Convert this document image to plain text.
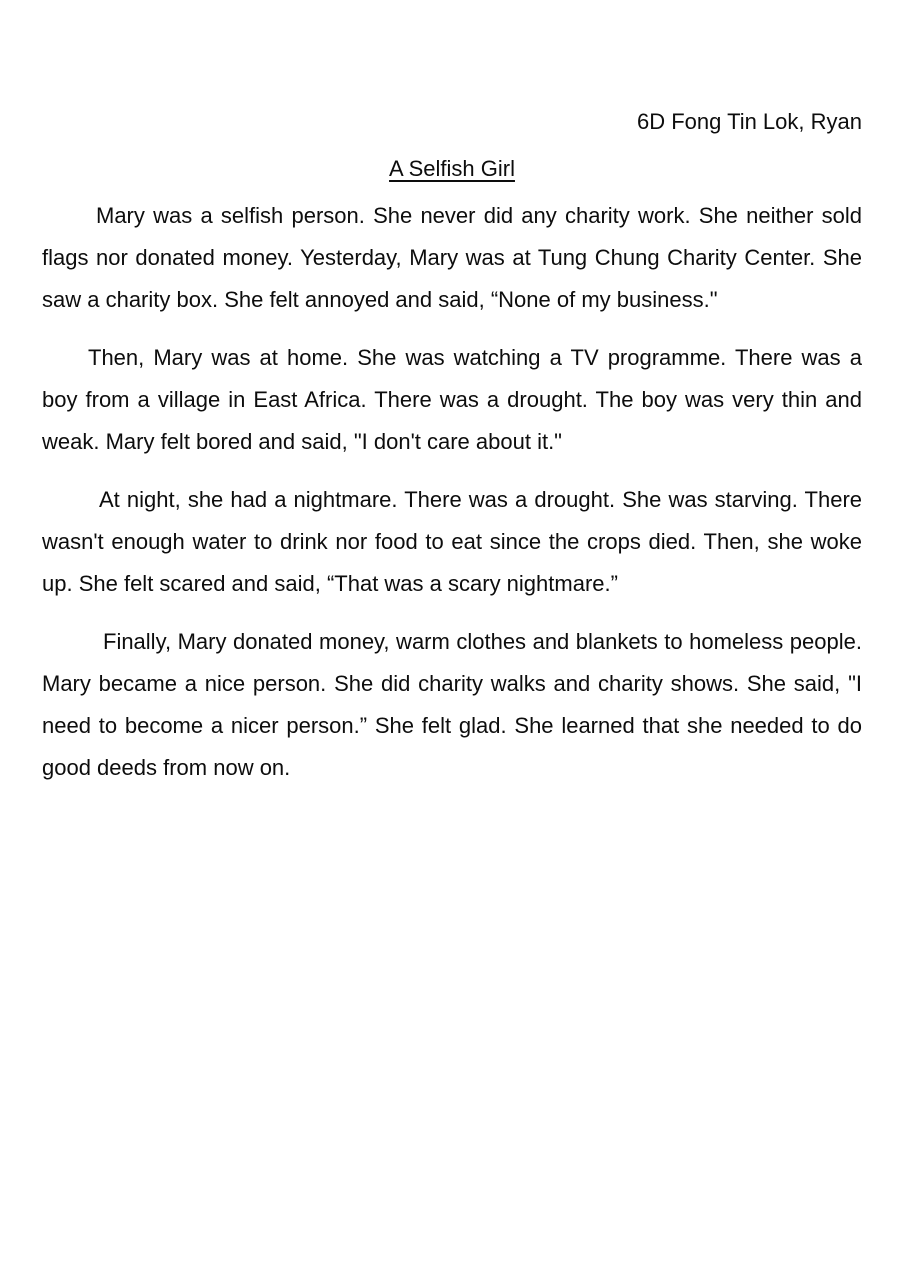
6D Fong Tin Lok, Ryan
A Selfish Girl

Mary was a selfish person. She never did any charity work. She neither sold flags nor donated money. Yesterday, Mary was at Tung Chung Charity Center. She saw a charity box. She felt annoyed and said, “None of my business."

Then, Mary was at home. She was watching a TV programme. There was a boy from a village in East Africa. There was a drought. The boy was very thin and weak. Mary felt bored and said, "I don't care about it."

At night, she had a nightmare. There was a drought. She was starving. There wasn't enough water to drink nor food to eat since the crops died. Then, she woke up. She felt scared and said, “That was a scary nightmare.”

Finally, Mary donated money, warm clothes and blankets to homeless people. Mary became a nice person. She did charity walks and charity shows. She said, "I need to become a nicer person.” She felt glad. She learned that she needed to do good deeds from now on.
